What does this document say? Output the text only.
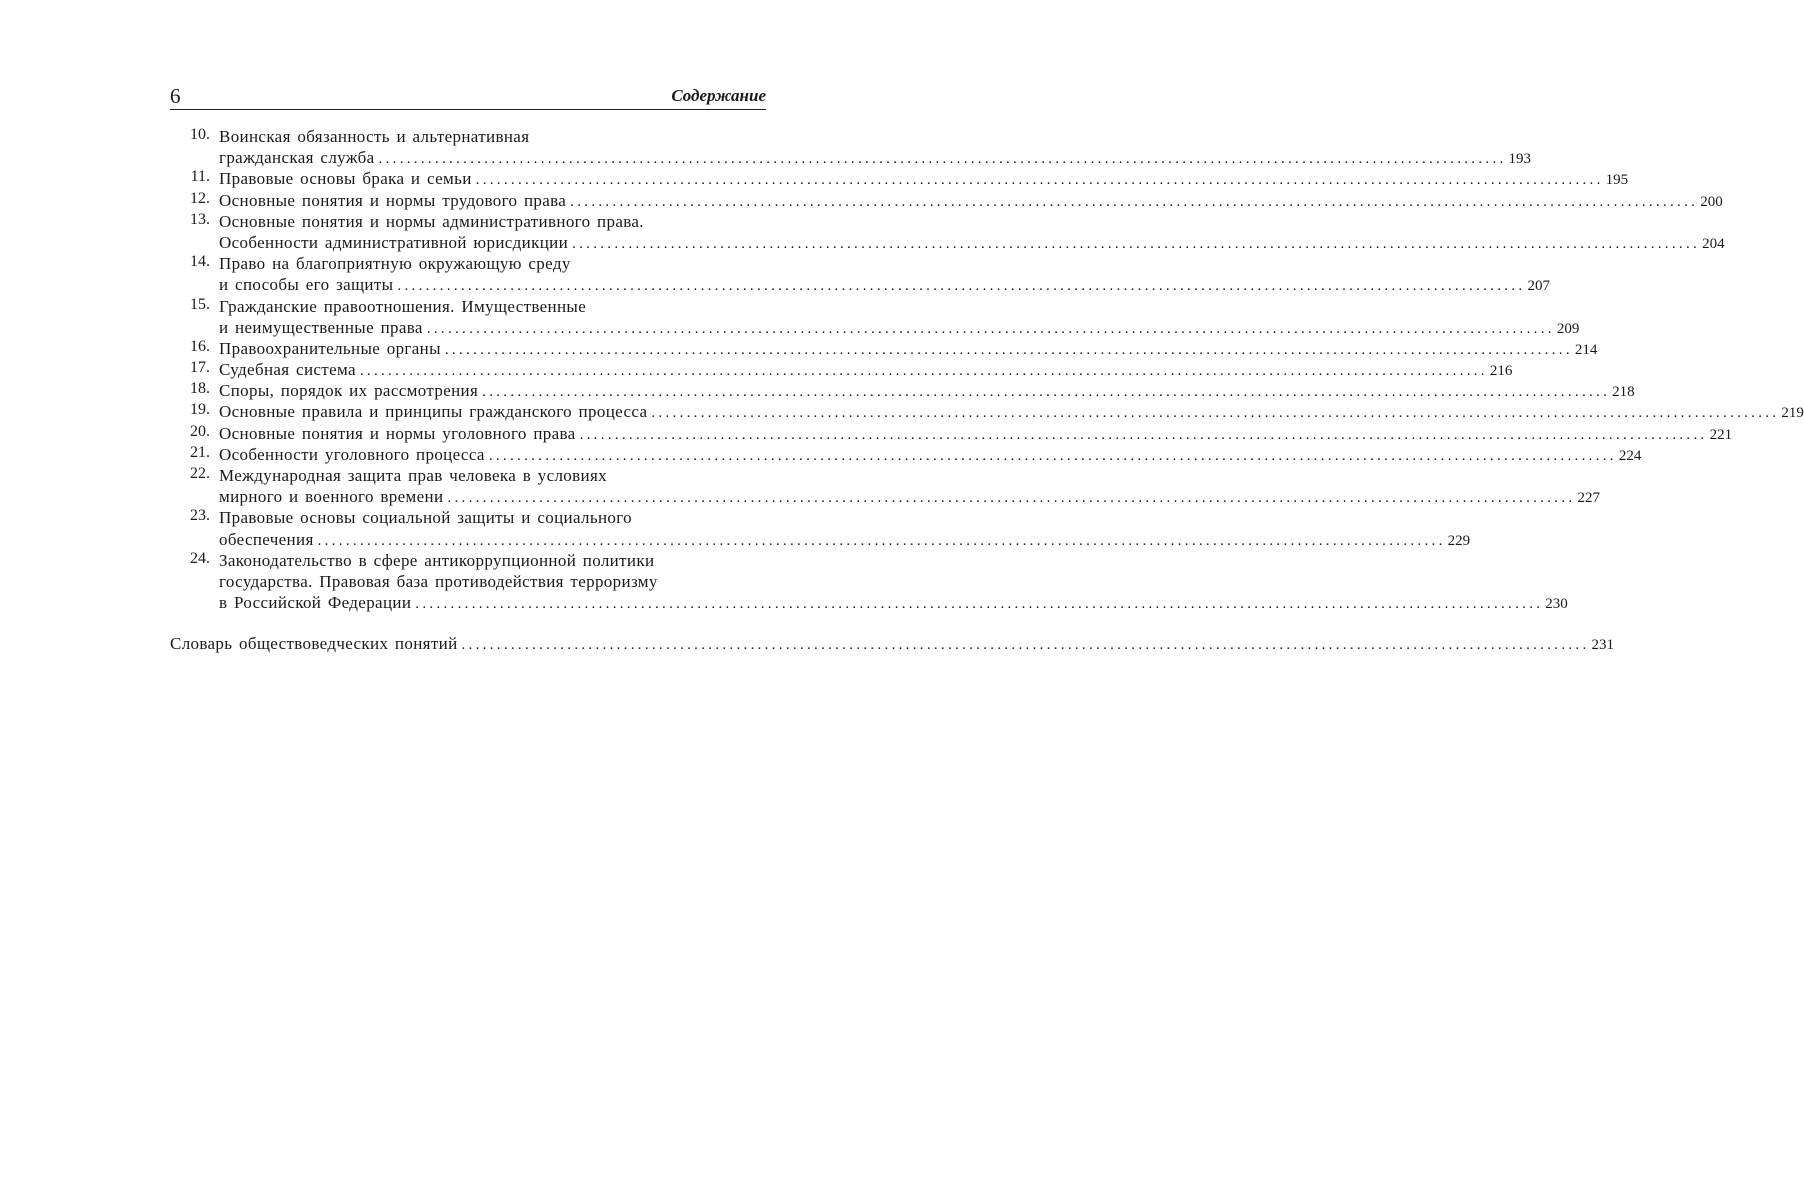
6	Содержание
10. Воинская обязанность и альтернативная
гражданская служба ................................................................................................................................................................ 193
11. Правовые основы брака и семьи ................................................................................................................................................................ 195
12. Основные понятия и нормы трудового права ................................................................................................................................................................ 200
13. Основные понятия и нормы административного права.
Особенности административной юрисдикции ................................................................................................................................................................ 204
14. Право на благоприятную окружающую среду
и способы его защиты ................................................................................................................................................................ 207
15. Гражданские правоотношения. Имущественные
и неимущественные права ................................................................................................................................................................ 209
16. Правоохранительные органы ................................................................................................................................................................ 214
17. Судебная система ................................................................................................................................................................ 216
18. Споры, порядок их рассмотрения ................................................................................................................................................................ 218
19. Основные правила и принципы гражданского процесса ................................................................................................................................................................ 219
20. Основные понятия и нормы уголовного права ................................................................................................................................................................ 221
21. Особенности уголовного процесса ................................................................................................................................................................ 224
22. Международная защита прав человека в условиях
мирного и военного времени ................................................................................................................................................................ 227
23. Правовые основы социальной защиты и социального
обеспечения ................................................................................................................................................................ 229
24. Законодательство в сфере антикоррупционной политики
государства. Правовая база противодействия терроризму
в Российской Федерации ................................................................................................................................................................ 230
Словарь обществоведческих понятий ................................................................................................................................................................ 231
